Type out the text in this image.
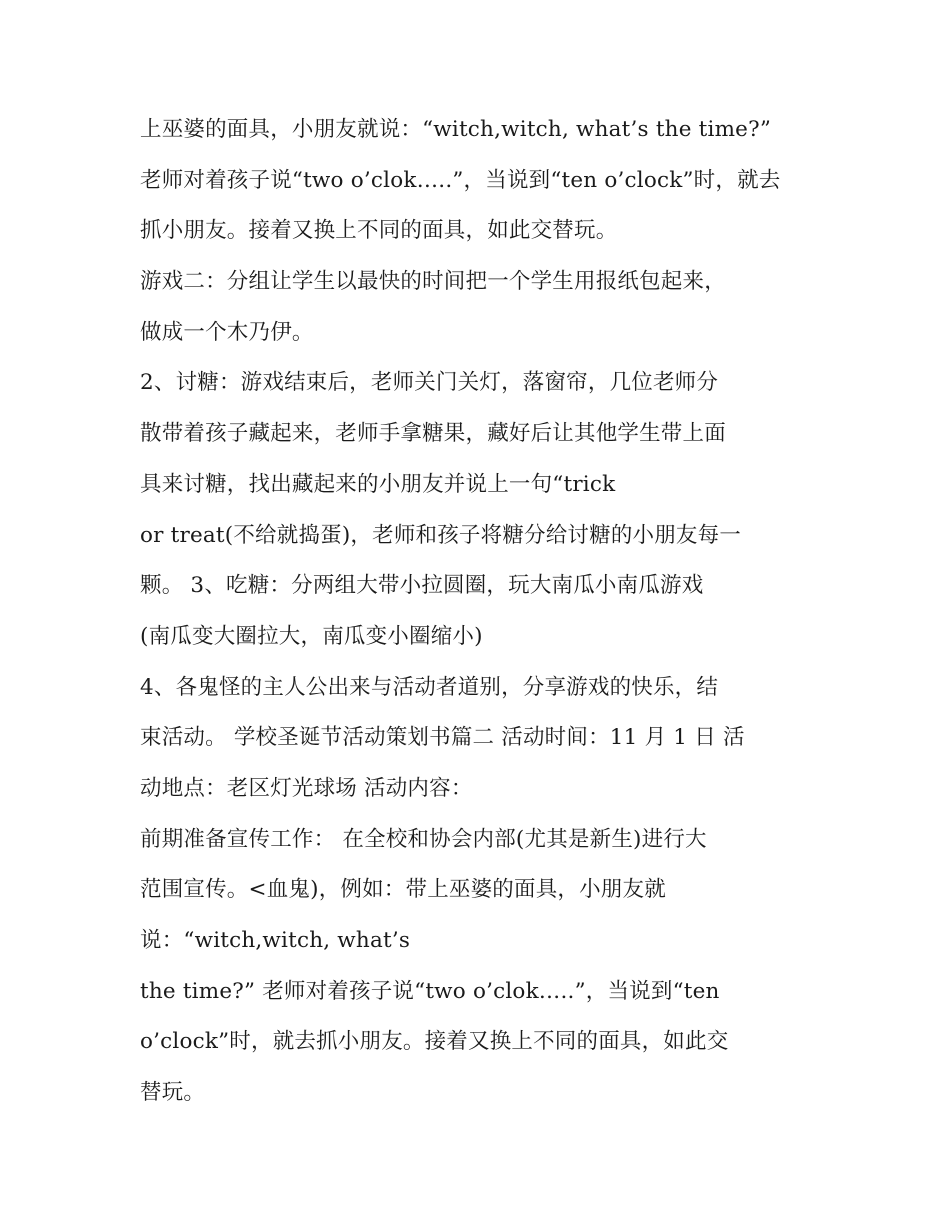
上巫婆的面具，小朋友就说：“witch,witch, what’s the time?”
老师对着孩子说“two o’clok…..”，当说到“ten o’clock”时，就去
抓小朋友。接着又换上不同的面具，如此交替玩。
游戏二：分组让学生以最快的时间把一个学生用报纸包起来，
做成一个木乃伊。
2、讨糖：游戏结束后，老师关门关灯，落窗帘，几位老师分
散带着孩子藏起来，老师手拿糖果，藏好后让其他学生带上面
具来讨糖，找出藏起来的小朋友并说上一句“trick
or treat(不给就捣蛋)，老师和孩子将糖分给讨糖的小朋友每一
颗。 3、吃糖：分两组大带小拉圆圈，玩大南瓜小南瓜游戏
(南瓜变大圈拉大，南瓜变小圈缩小)
4、各鬼怪的主人公出来与活动者道别，分享游戏的快乐，结
束活动。 学校圣诞节活动策划书篇二 活动时间：11 月 1 日 活
动地点：老区灯光球场 活动内容：
前期准备宣传工作： 在全校和协会内部(尤其是新生)进行大
范围宣传。<血鬼)，例如：带上巫婆的面具，小朋友就
说：“witch,witch, what’s
the time?” 老师对着孩子说“two o’clok…..”，当说到“ten
o’clock”时，就去抓小朋友。接着又换上不同的面具，如此交
替玩。
